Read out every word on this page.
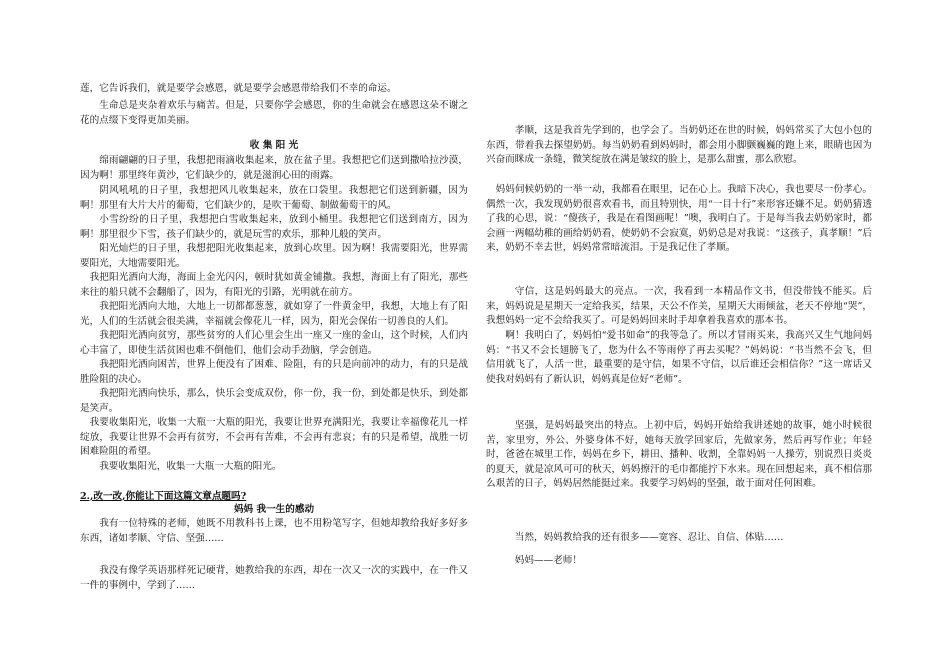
莲，它告诉我们，就是要学会感恩，就是要学会感恩带给我们不幸的命运。

生命总是夹杂着欢乐与痛苦。但是，只要你学会感恩，你的生命就会在感恩这朵不谢之花的点缀下变得更加美丽。

收 集 阳 光

绵雨翩翩的日子里，我想把雨滴收集起来，放在盆子里。我想把它们送到撒哈拉沙漠，因为啊！那里终年黄沙，它们缺少的，就是滋润心田的雨露。

阴风吼吼的日子里，我想把风儿收集起来，放在口袋里。我想把它们送到新疆，因为啊！那里有大片大片的葡萄，它们缺少的，是吹干葡萄、制做葡萄干的风。

小雪纷纷的日子里，我想把白雪收集起来，放到小桶里。我想把它们送到南方，因为啊！那里很少下雪，孩子们缺少的，就是玩雪的欢乐，那种儿般的笑声。

阳光灿烂的日子里，我想把阳光收集起来，放到心坎里。因为啊！我需要阳光，世界需要阳光，大地需要阳光。

我把阳光洒向大海，海面上金光闪闪，顿时犹如黄金铺撒。我想，海面上有了阳光，那些来往的船只就不会翻船了，因为，有阳光的引路，光明就在前方。

我把阳光洒向大地，大地上一切都都葱葱，就如穿了一件黄金甲，我想，大地上有了阳光，人们的生活就会很美满，幸福就会像花儿一样，因为，阳光会保佑一切善良的人们。

我把阳光洒向贫穷，那些贫穷的人们心里会生出一座又一座的金山，这个时候，人们内心丰富了，即使生活贫困也难不倒他们，他们会动手劲脑，学会创造。

我把阳光洒向困苦，世界上便没有了困难、险阻，有的只是向前冲的动力，有的只是战胜险阻的决心。

我把阳光洒向快乐，那么，快乐会变成双份，你一份，我一份，到处都是快乐，到处都是笑声。

我要收集阳光，收集一大瓶一大瓶的阳光，我要让世界充满阳光，我要让幸福像花儿一样绽放，我要让世界不会再有贫穷，不会再有苦难，不会再有悲哀；有的只是希望，战胜一切困难险阻的希望。

我要收集阳光，收集一大瓶一大瓶的阳光。

2.,改一改,你能让下面这篇文章点题吗?

妈妈 我一生的感动

我有一位特殊的老师，她既不用教科书上课，也不用粉笔写字，但她却教给我好多好多东西，诸如孝顺、守信、坚强……

我没有像学英语那样死记硬背，她教给我的东西，却在一次又一次的实践中，在一件又一件的事例中，学到了……

孝顺，这是我首先学到的，也学会了。当奶奶还在世的时候，妈妈常买了大包小包的东西，带着我去探望奶奶。每当奶奶看到妈妈时，都会用小脚颤巍巍的跑上来，眼睛也因为兴奋而眯成一条缝，微笑绽放在满是皱纹的脸上，是那么甜蜜，那么欣慰。

妈妈伺候奶奶的一举一动，我都看在眼里，记在心上。我暗下决心，我也要尽一份孝心。偶然一次，我发现奶奶很喜欢看书，而且特别快，用“一目十行”来形容还嫌不足。奶奶猜透了我的心思，说：“傻孩子，我是在看图画呢！”噢，我明白了。于是每当我去奶奶家时，都会画一两幅幼稚的画给奶奶看，使奶奶不会寂寞，奶奶总是对我说：“这孩子，真孝顺！”后来，奶奶不幸去世，妈妈常常暗流泪。于是我记住了孝顺。

守信，这是妈妈最大的亮点。一次，我看到一本精品作文书，但没带钱不能买。后来，妈妈说是星期天一定给我买，结果，天公不作美，星期天大雨倾盆，老天不停地“哭”，我想妈妈一定不会给我买了。可是妈妈回来时手却拿着我喜欢的那本书。

啊！我明白了，妈妈怕“爱书如命”的我等急了。所以才冒雨买来，我高兴又生气地问妈妈：“书又不会长翅膀飞了，您为什么不等雨停了再去买呢？”妈妈说：“书当然不会飞，但信用就飞了，人活一世，最重要的是守信，如果不守信，以后谁还会相信你？”这一席话又使我对妈妈有了新认识，妈妈真是位好“老师”。

坚强，是妈妈最突出的特点。上初中后，妈妈开始给我讲述她的故事，她小时候很苦，家里穷，外公、外婆身体不好，她每天放学回家后，先做家务，然后再写作业；年轻时，爸爸在城里工作，妈妈在乡下，耕田、播种、收割，全靠妈妈一人操劳，别说烈日炎炎的夏天，就是凉风可可的秋天，妈妈擦汗的毛巾都能拧下水来。现在回想起来，真不相信那么艰苦的日子，妈妈居然能挺过来。我要学习妈妈的坚强，敢于面对任何困难。

当然，妈妈教给我的还有很多——宽容、忍让、自信、体贴……

妈妈——老师！
